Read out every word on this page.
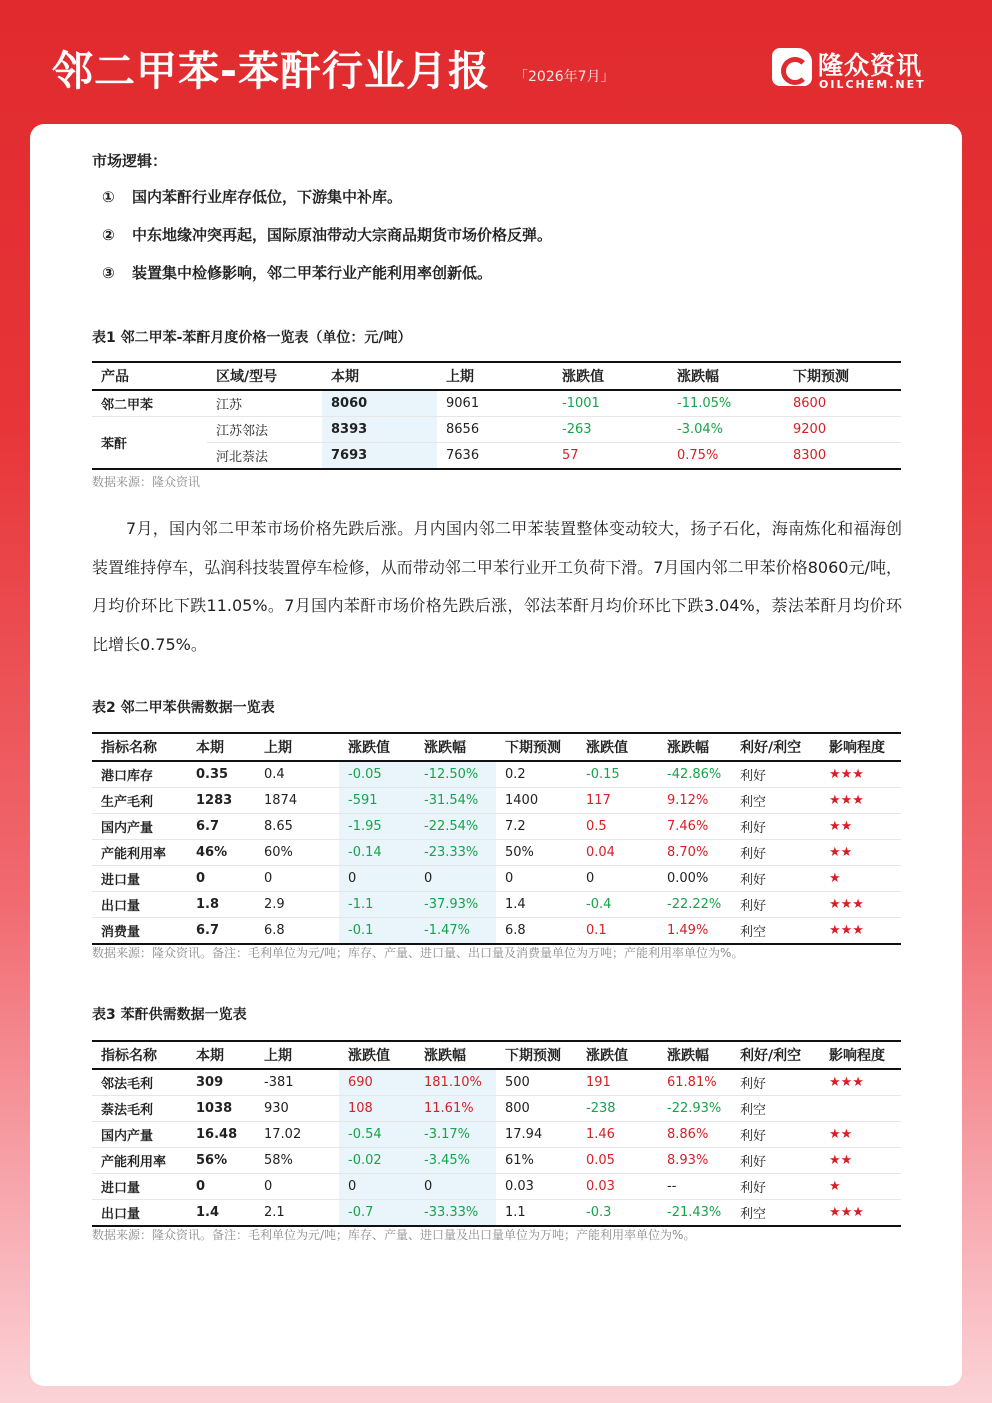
邻二甲苯-苯酐行业月报 「2026年7月」	隆众资讯
OILCHEM.NET
市场逻辑：
① 国内苯酐行业库存低位，下游集中补库。
② 中东地缘冲突再起，国际原油带动大宗商品期货市场价格反弹。
③ 装置集中检修影响，邻二甲苯行业产能利用率创新低。
表1 邻二甲苯-苯酐月度价格一览表（单位：元/吨）
产品	区域/型号	本期	上期	涨跌值	涨跌幅	下期预测
邻二甲苯	江苏	8060	9061	-1001	-11.05%	8600
苯酐	江苏邻法	8393	8656	-263	-3.04%	9200
	河北萘法	7693	7636	57	0.75%	8300
数据来源：隆众资讯
7月，国内邻二甲苯市场价格先跌后涨。月内国内邻二甲苯装置整体变动较大，扬子石化，海南炼化和福海创装置维持停车，弘润科技装置停车检修，从而带动邻二甲苯行业开工负荷下滑。7月国内邻二甲苯价格8060元/吨，月均价环比下跌11.05%。7月国内苯酐市场价格先跌后涨，邻法苯酐月均价环比下跌3.04%，萘法苯酐月均价环比增长0.75%。
表2 邻二甲苯供需数据一览表
指标名称	本期	上期	涨跌值	涨跌幅	下期预测	涨跌值	涨跌幅	利好/利空	影响程度
港口库存	0.35	0.4	-0.05	-12.50%	0.2	-0.15	-42.86%	利好	★★★
生产毛利	1283	1874	-591	-31.54%	1400	117	9.12%	利空	★★★
国内产量	6.7	8.65	-1.95	-22.54%	7.2	0.5	7.46%	利好	★★
产能利用率	46%	60%	-0.14	-23.33%	50%	0.04	8.70%	利好	★★
进口量	0	0	0	0	0	0	0.00%	利好	★
出口量	1.8	2.9	-1.1	-37.93%	1.4	-0.4	-22.22%	利好	★★★
消费量	6.7	6.8	-0.1	-1.47%	6.8	0.1	1.49%	利空	★★★
数据来源：隆众资讯。备注：毛利单位为元/吨；库存、产量、进口量、出口量及消费量单位为万吨；产能利用率单位为%。
表3 苯酐供需数据一览表
指标名称	本期	上期	涨跌值	涨跌幅	下期预测	涨跌值	涨跌幅	利好/利空	影响程度
邻法毛利	309	-381	690	181.10%	500	191	61.81%	利好	★★★
萘法毛利	1038	930	108	11.61%	800	-238	-22.93%	利空	
国内产量	16.48	17.02	-0.54	-3.17%	17.94	1.46	8.86%	利好	★★
产能利用率	56%	58%	-0.02	-3.45%	61%	0.05	8.93%	利好	★★
进口量	0	0	0	0	0.03	0.03	--	利好	★
出口量	1.4	2.1	-0.7	-33.33%	1.1	-0.3	-21.43%	利空	★★★
数据来源：隆众资讯。备注：毛利单位为元/吨；库存、产量、进口量及出口量单位为万吨；产能利用率单位为%。
